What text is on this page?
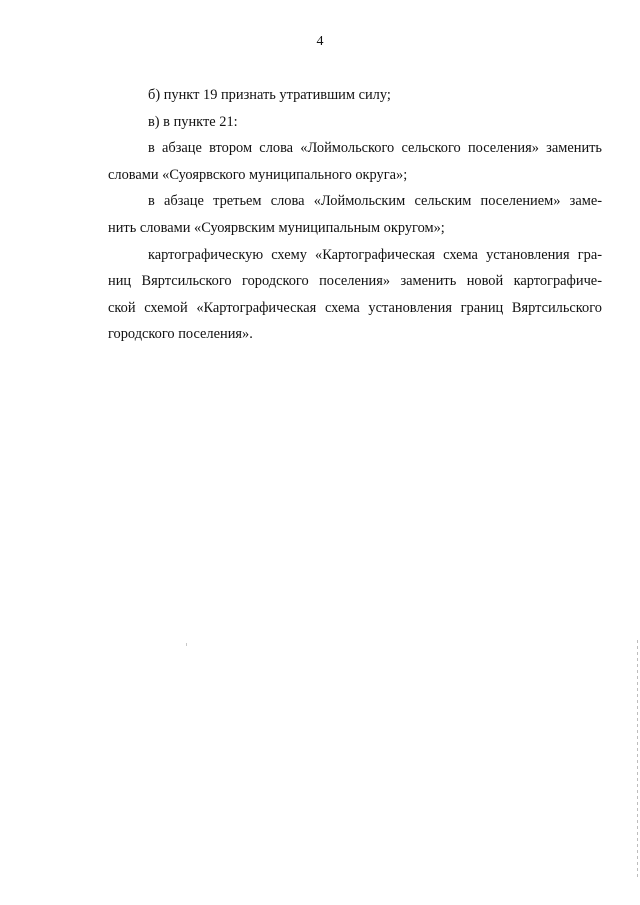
4
б) пункт 19 признать утратившим силу;
в) в пункте 21:
в абзаце втором слова «Лоймольского сельского поселения» заменить
словами «Суоярвского муниципального округа»;
в абзаце третьем слова «Лоймольским сельским поселением» заме-
нить словами «Суоярвским муниципальным округом»;
картографическую схему «Картографическая схема установления гра-
ниц Вяртсильского городского поселения» заменить новой картографиче-
ской схемой «Картографическая схема установления границ Вяртсильского
городского поселения».
